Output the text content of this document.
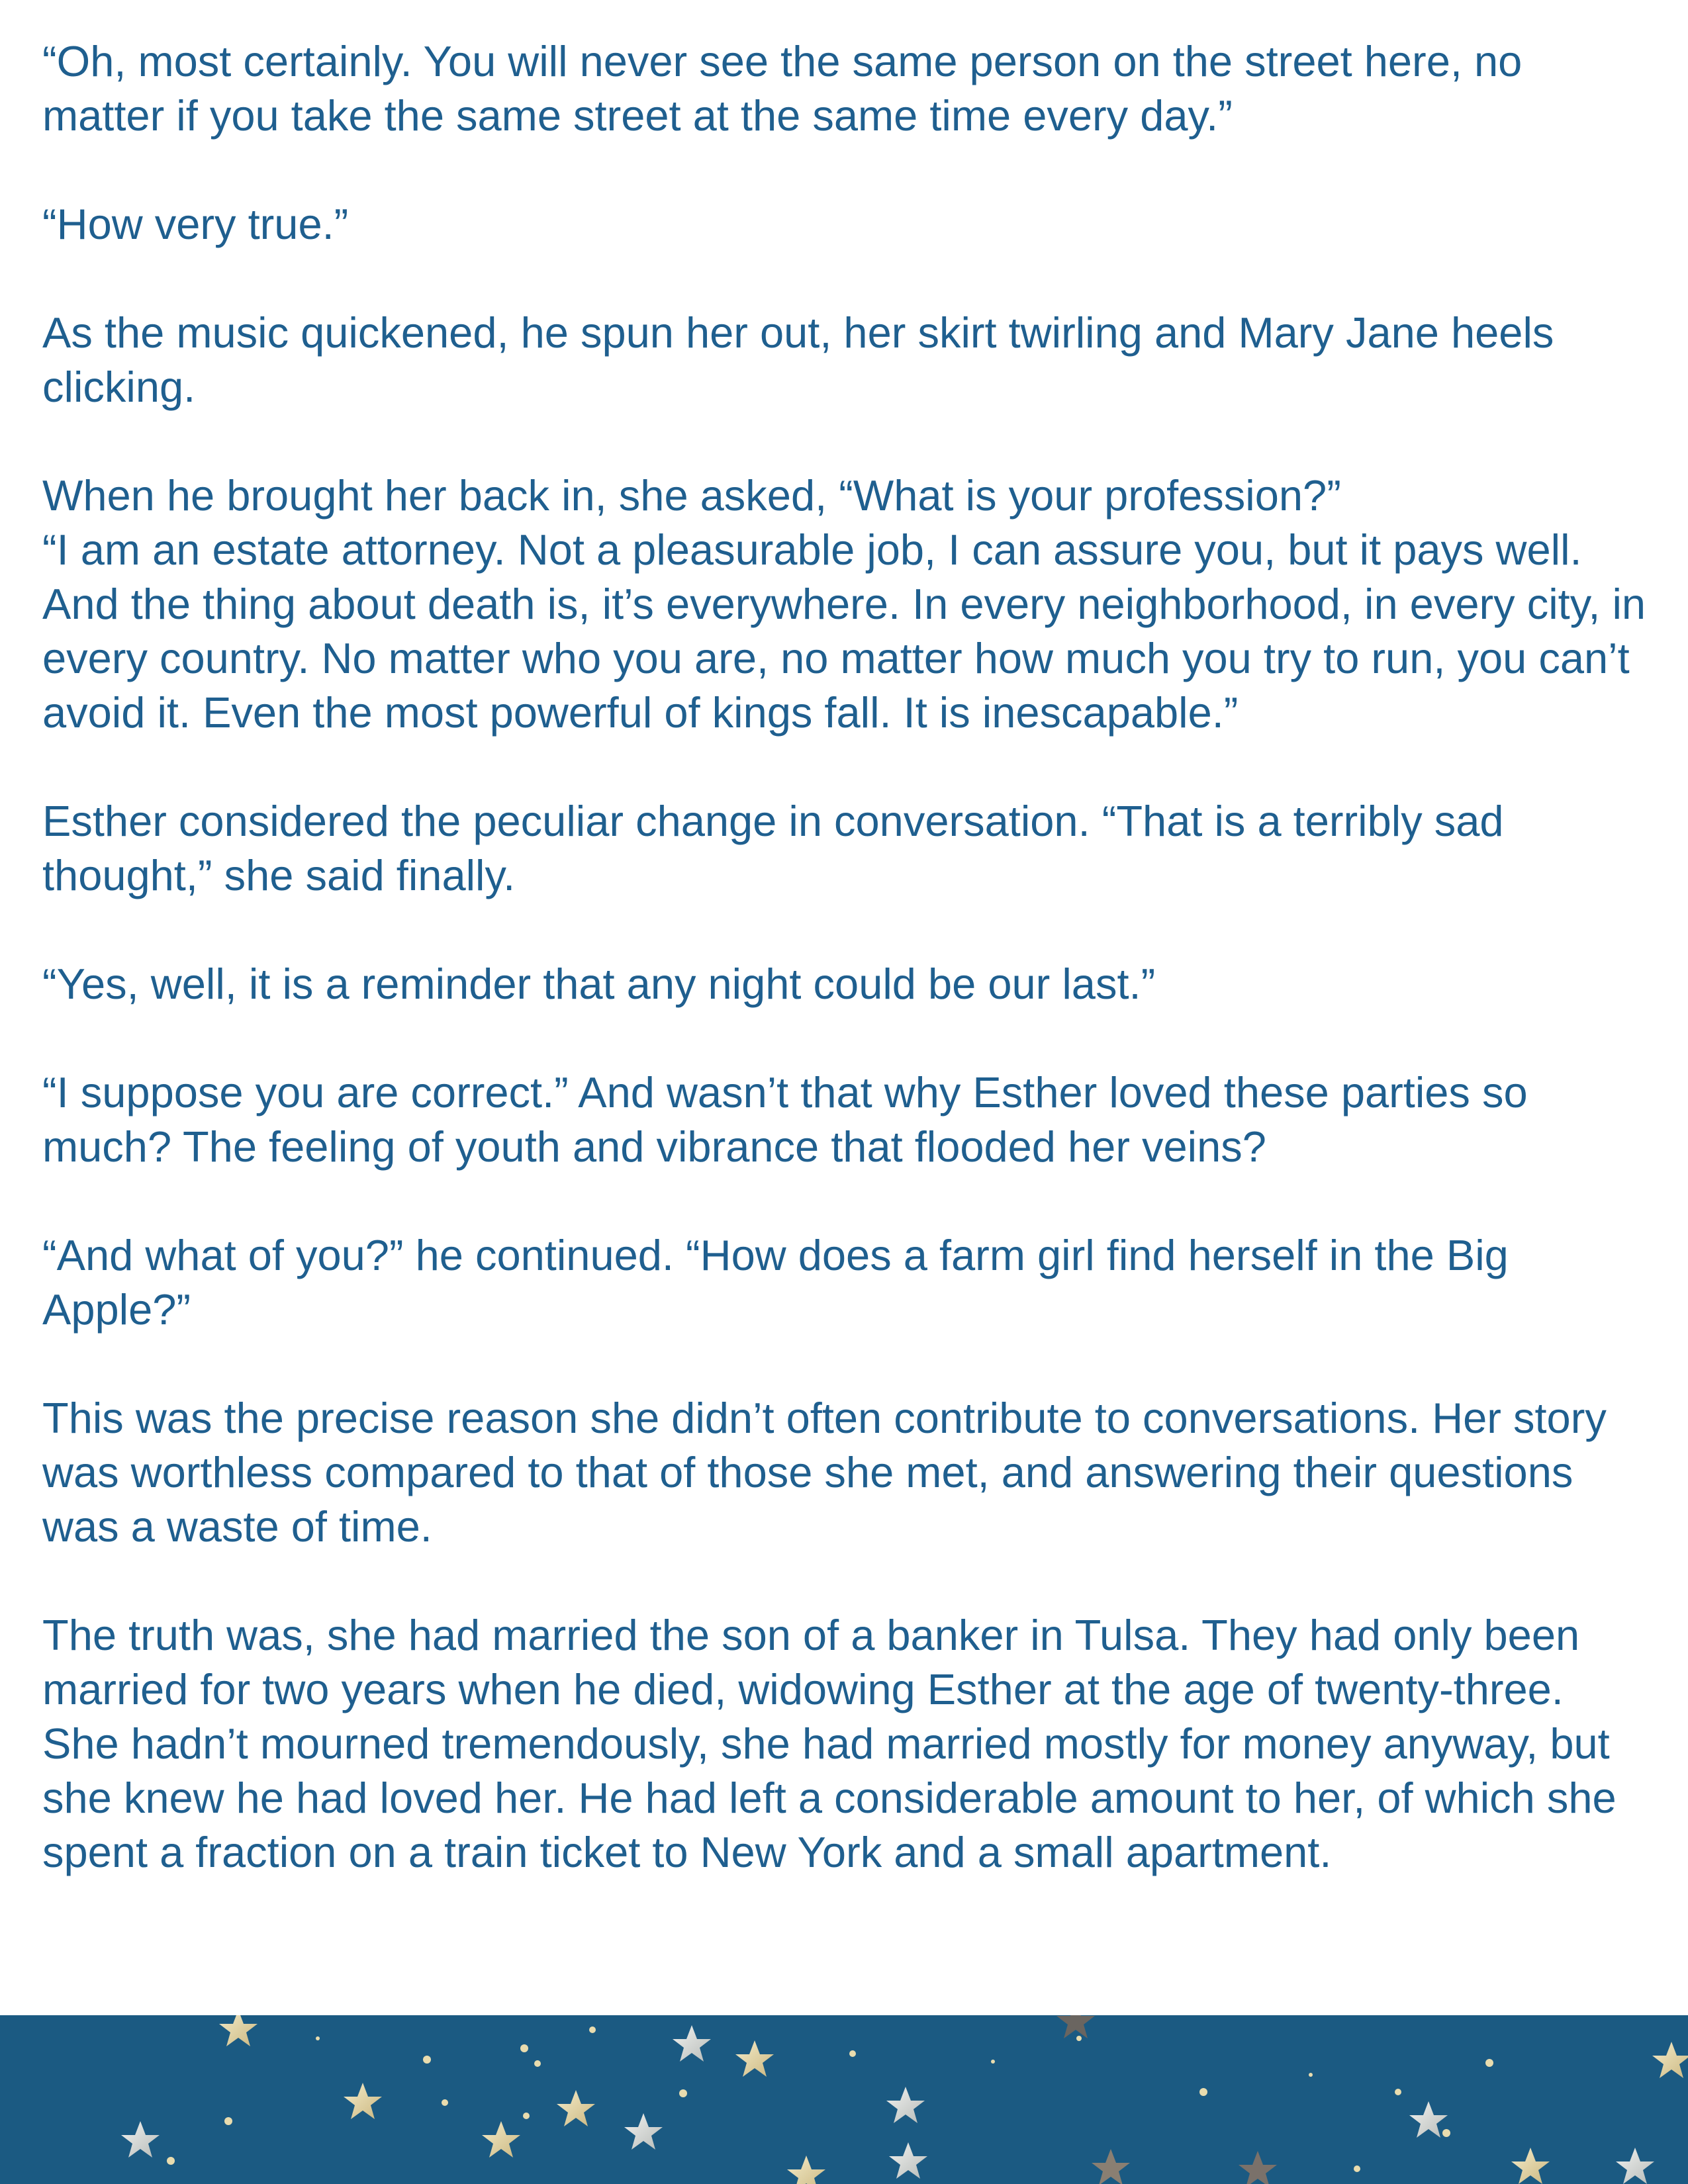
“Oh, most certainly. You will never see the same person on the street here, no matter if you take the same street at the same time every day.”

“How very true.”

As the music quickened, he spun her out, her skirt twirling and Mary Jane heels clicking.

When he brought her back in, she asked, “What is your profession?”

“I am an estate attorney. Not a pleasurable job, I can assure you, but it pays well. And the thing about death is, it’s everywhere. In every neighborhood, in every city, in every country. No matter who you are, no matter how much you try to run, you can’t avoid it. Even the most powerful of kings fall. It is inescapable.”

Esther considered the peculiar change in conversation. “That is a terribly sad thought,” she said finally.

“Yes, well, it is a reminder that any night could be our last.”

“I suppose you are correct.” And wasn’t that why Esther loved these parties so much? The feeling of youth and vibrance that flooded her veins?

“And what of you?” he continued. “How does a farm girl find herself in the Big Apple?”

This was the precise reason she didn’t often contribute to conversations. Her story was worthless compared to that of those she met, and answering their questions was a waste of time.

The truth was, she had married the son of a banker in Tulsa. They had only been married for two years when he died, widowing Esther at the age of twenty-three. She hadn’t mourned tremendously, she had married mostly for money anyway, but she knew he had loved her. He had left a considerable amount to her, of which she spent a fraction on a train ticket to New York and a small apartment.
